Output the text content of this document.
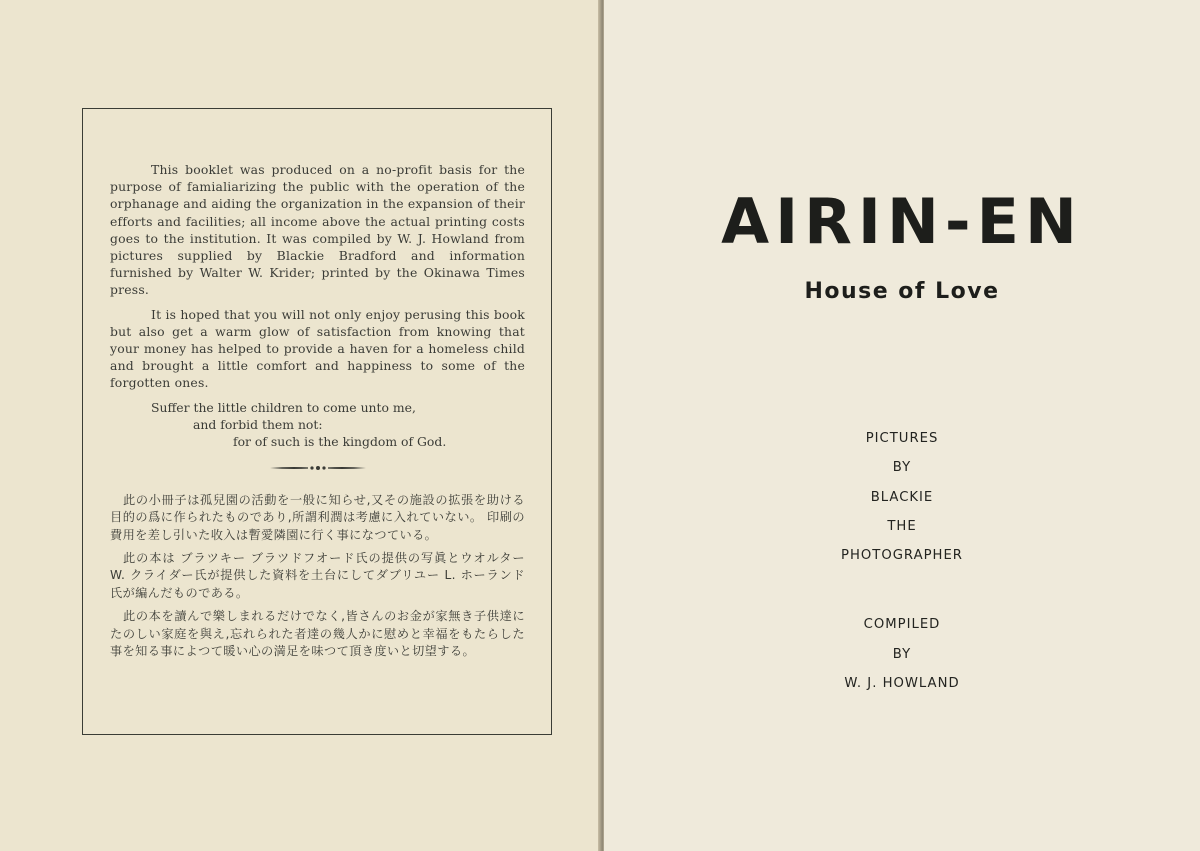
This booklet was produced on a no-profit basis for the purpose of famialiarizing the public with the operation of the orphanage and aiding the organization in the expansion of their efforts and facilities; all income above the actual printing costs goes to the institution. It was compiled by W. J. Howland from pictures supplied by Blackie Bradford and information furnished by Walter W. Krider; printed by the Okinawa Times press.

It is hoped that you will not only enjoy perusing this book but also get a warm glow of satisfaction from knowing that your money has helped to provide a haven for a homeless child and brought a little comfort and happiness to some of the forgotten ones.

Suffer the little children to come unto me,
and forbid them not:
for of such is the kingdom of God.

此の小冊子は孤兒園の活動を一般に知らせ,又その施設の拡張を助ける目的の爲に作られたものであり,所謂利潤は考慮に入れていない。 印刷の費用を差し引いた收入は暫愛隣園に行く事になつている。

此の本は ブラツキー ブラツドフオード氏の提供の写眞とウオルター W. クライダー氏が提供した資料を土台にしてダブリユー L. ホーランド氏が編んだものである。

此の本を讀んで樂しまれるだけでなく,皆さんのお金が家無き子供達にたのしい家庭を與え,忘れられた者達の幾人かに慰めと幸福をもたらした事を知る事によつて暖い心の満足を味つて頂き度いと切望する。

AIRIN-EN
House of Love
PICTURES
BY
BLACKIE
THE
PHOTOGRAPHER
COMPILED
BY
W. J. HOWLAND
